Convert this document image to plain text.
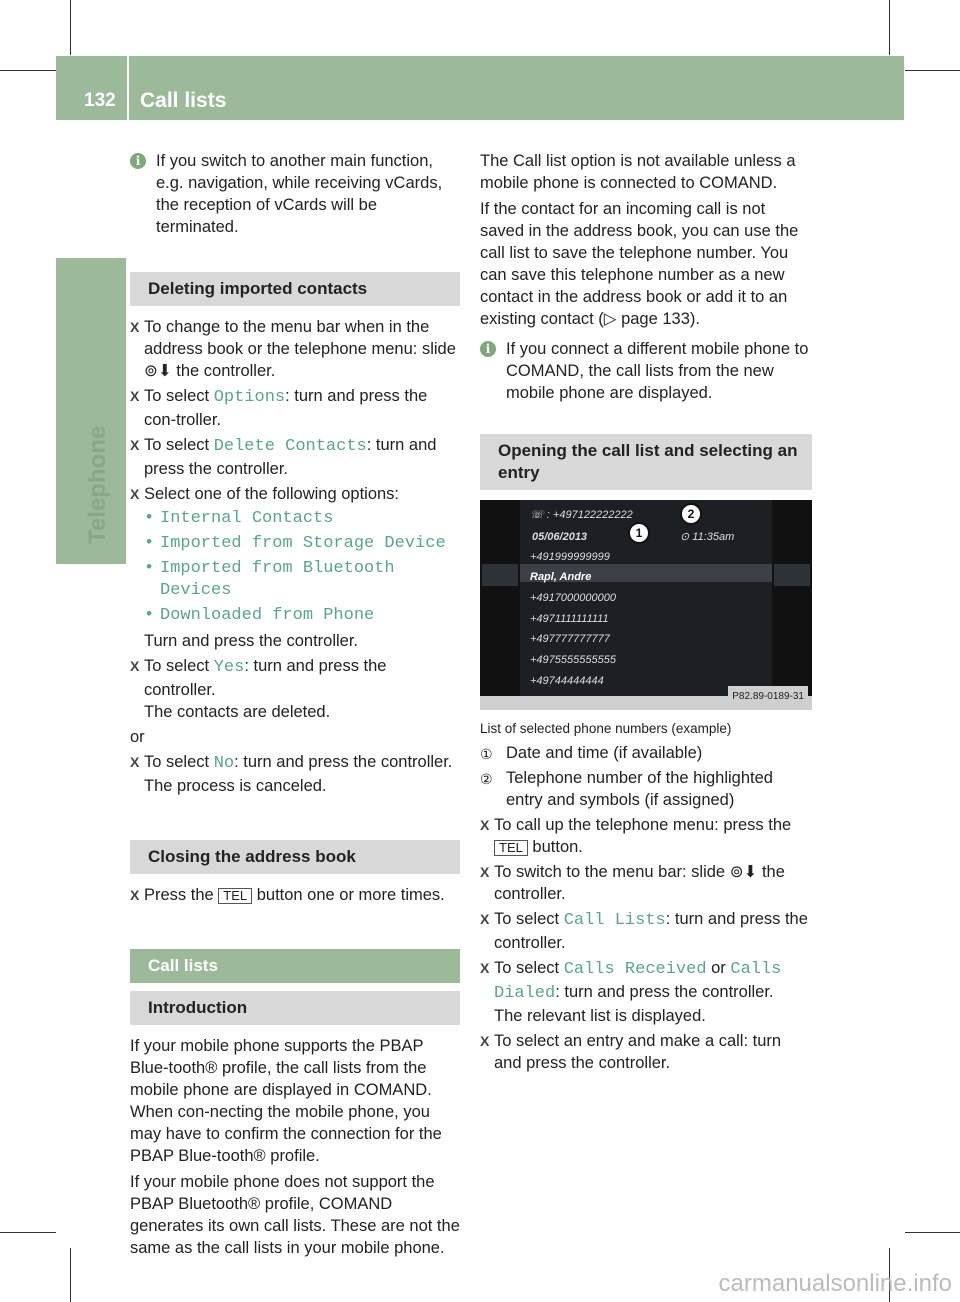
132 Call lists
Telephone

i If you switch to another main function, e.g. navigation, while receiving vCards, the reception of vCards will be terminated.

Deleting imported contacts

X To change to the menu bar when in the address book or the telephone menu: slide
⊚⬇ the controller.

X To select Options: turn and press the con-troller.

X To select Delete Contacts: turn and press the controller.

X Select one of the following options:

• Internal Contacts

• Imported from Storage Device

• Imported from Bluetooth Devices

• Downloaded from Phone

Turn and press the controller.

X To select Yes: turn and press the controller.
The contacts are deleted.

or

X To select No: turn and press the controller.
The process is canceled.

Closing the address book

X Press the TEL button one or more times.

Call lists
Introduction

If your mobile phone supports the PBAP Blue-tooth® profile, the call lists from the mobile phone are displayed in COMAND. When con-necting the mobile phone, you may have to confirm the connection for the PBAP Blue-tooth® profile.

If your mobile phone does not support the PBAP Bluetooth® profile, COMAND generates its own call lists. These are not the same as the call lists in your mobile phone.

The Call list option is not available unless a mobile phone is connected to COMAND.

If the contact for an incoming call is not saved in the address book, you can use the call list to save the telephone number. You can save this telephone number as a new contact in the address book or add it to an existing contact (▷ page 133).

i If you connect a different mobile phone to COMAND, the call lists from the new mobile phone are displayed.

Opening the call list and selecting an entry
☏ : +497122222222
05/06/2013	⊙ 11:35am
+491999999999
Rapl, Andre
+4917000000000
+4971111111111
+497777777777
+4975555555555
+49744444444
P82.89-0189-31
1
2

List of selected phone numbers (example)

① Date and time (if available)

② Telephone number of the highlighted entry and symbols (if assigned)

X To call up the telephone menu: press the
TEL button.

X To switch to the menu bar: slide ⊚⬇ the controller.

X To select Call Lists: turn and press the controller.

X To select Calls Received or Calls Dialed: turn and press the controller.
The relevant list is displayed.

X To select an entry and make a call: turn and press the controller.

carmanualsonline.info
